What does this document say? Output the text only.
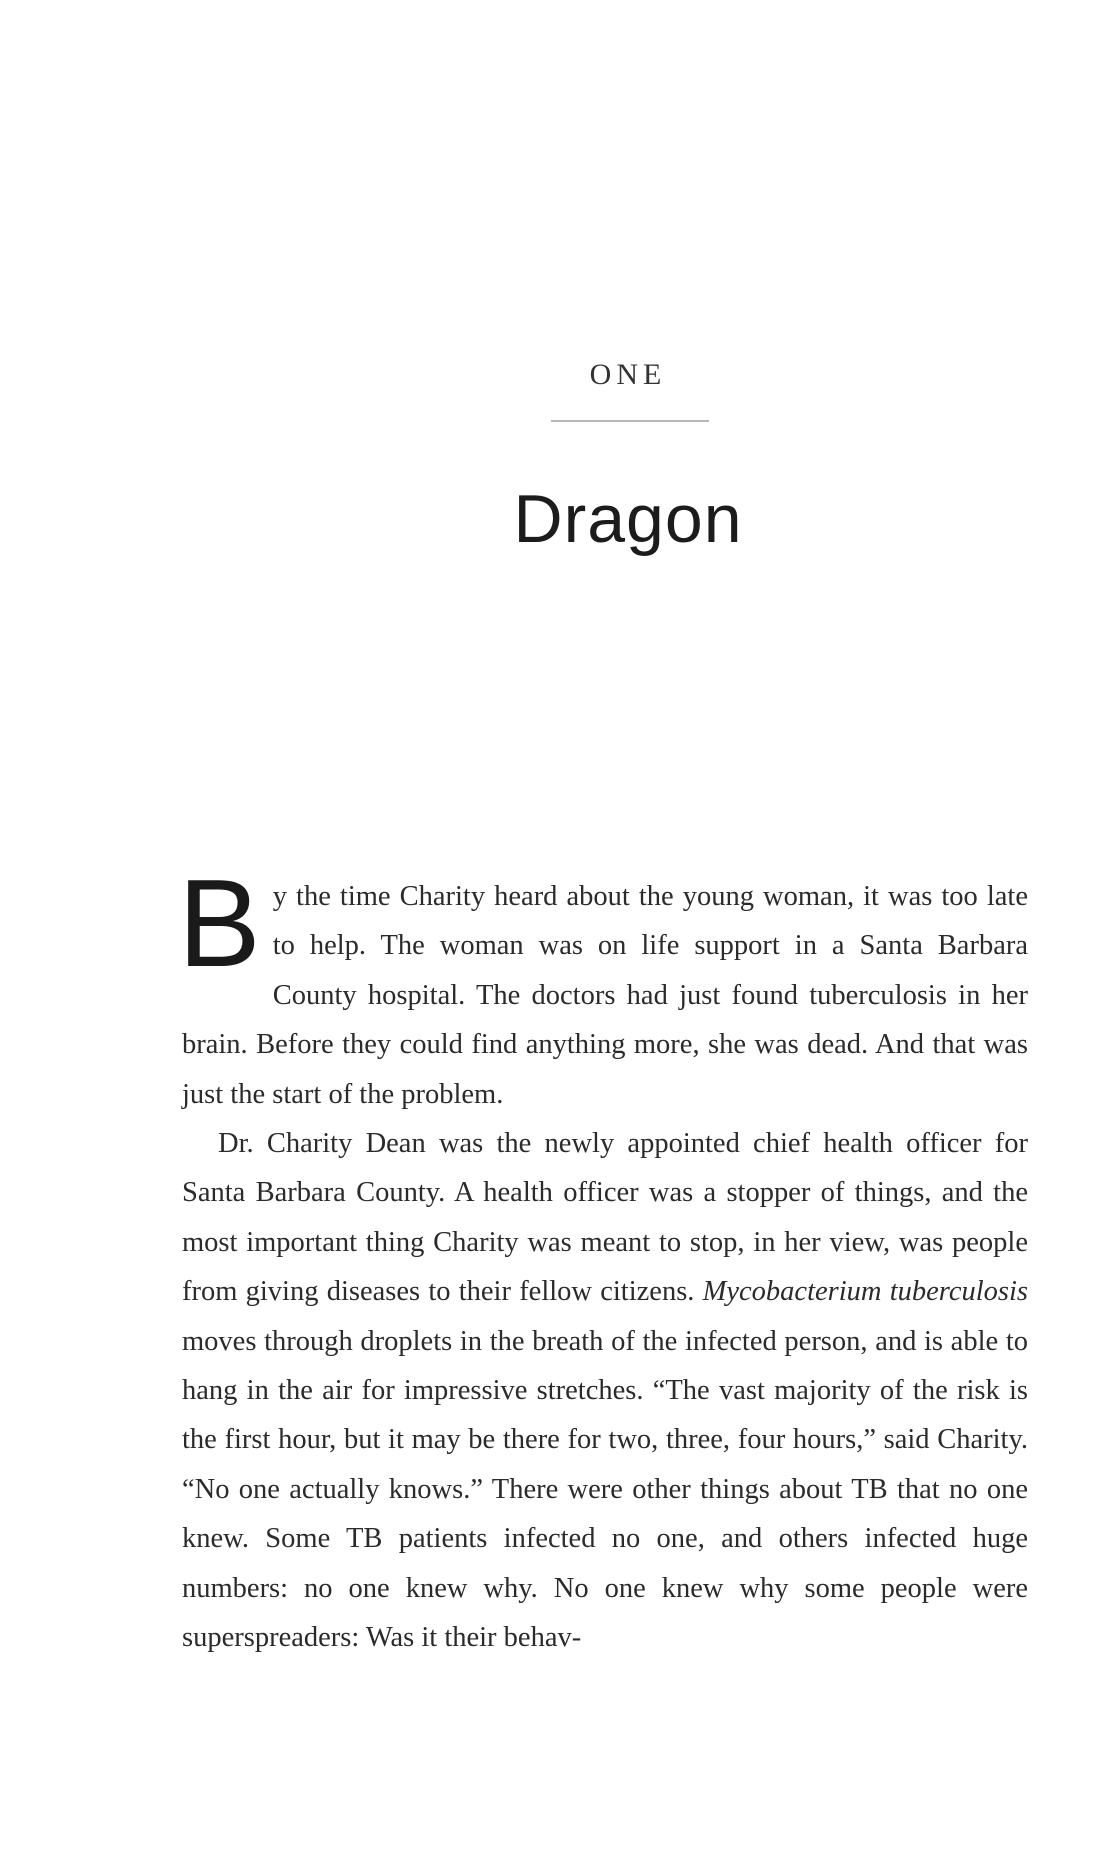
ONE
Dragon

B y the time Charity heard about the young woman, it was too late to help. The woman was on life support in a Santa Barbara County hospital. The doctors had just found tuberculosis in her brain. Before they could find anything more, she was dead. And that was just the start of the problem.

Dr. Charity Dean was the newly appointed chief health officer for Santa Barbara County. A health officer was a stopper of things, and the most important thing Charity was meant to stop, in her view, was people from giving diseases to their fellow citizens. Mycobacterium tuberculosis moves through droplets in the breath of the infected person, and is able to hang in the air for impressive stretches. “The vast majority of the risk is the first hour, but it may be there for two, three, four hours,” said Charity. “No one actually knows.” There were other things about TB that no one knew. Some TB patients infected no one, and others infected huge numbers: no one knew why. No one knew why some people were superspreaders: Was it their behav-
